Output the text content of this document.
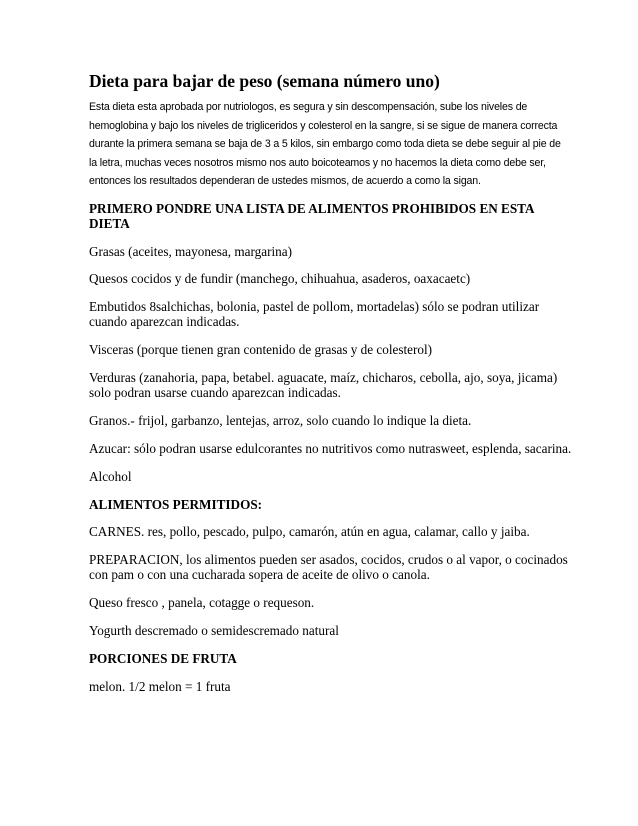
Dieta para bajar de peso (semana número uno)
Esta dieta esta aprobada por nutriologos, es segura y sin descompensación, sube los niveles de hemoglobina y bajo los niveles de trigliceridos y colesterol en la sangre, si se sigue de manera correcta durante la primera semana se baja de 3 a 5 kilos, sin embargo como toda dieta se debe seguir al pie de la letra, muchas veces nosotros mismo nos auto boicoteamos y no hacemos la dieta como debe ser, entonces los resultados dependeran de ustedes mismos, de acuerdo a como la sigan.
PRIMERO PONDRE UNA LISTA DE ALIMENTOS PROHIBIDOS EN ESTA DIETA
Grasas (aceites, mayonesa, margarina)
Quesos cocidos y de fundir (manchego, chihuahua, asaderos, oaxacaetc)
Embutidos 8salchichas, bolonia, pastel de pollom, mortadelas) sólo se podran utilizar cuando aparezcan indicadas.
Visceras (porque tienen gran contenido de grasas y de colesterol)
Verduras (zanahoria, papa, betabel. aguacate, maíz, chicharos, cebolla, ajo, soya, jicama) solo podran usarse cuando aparezcan indicadas.
Granos.- frijol, garbanzo, lentejas, arroz, solo cuando lo indique la dieta.
Azucar: sólo podran usarse edulcorantes no nutritivos como nutrasweet, esplenda, sacarina.
Alcohol
ALIMENTOS PERMITIDOS:
CARNES. res, pollo, pescado, pulpo, camarón, atún en agua, calamar, callo y jaiba.
PREPARACION, los alimentos pueden ser asados, cocidos, crudos o al vapor, o cocinados con pam o con una cucharada sopera de aceite de olivo o canola.
Queso fresco , panela, cotagge o requeson.
Yogurth descremado o semidescremado natural
PORCIONES DE FRUTA
melon. 1/2 melon = 1 fruta
